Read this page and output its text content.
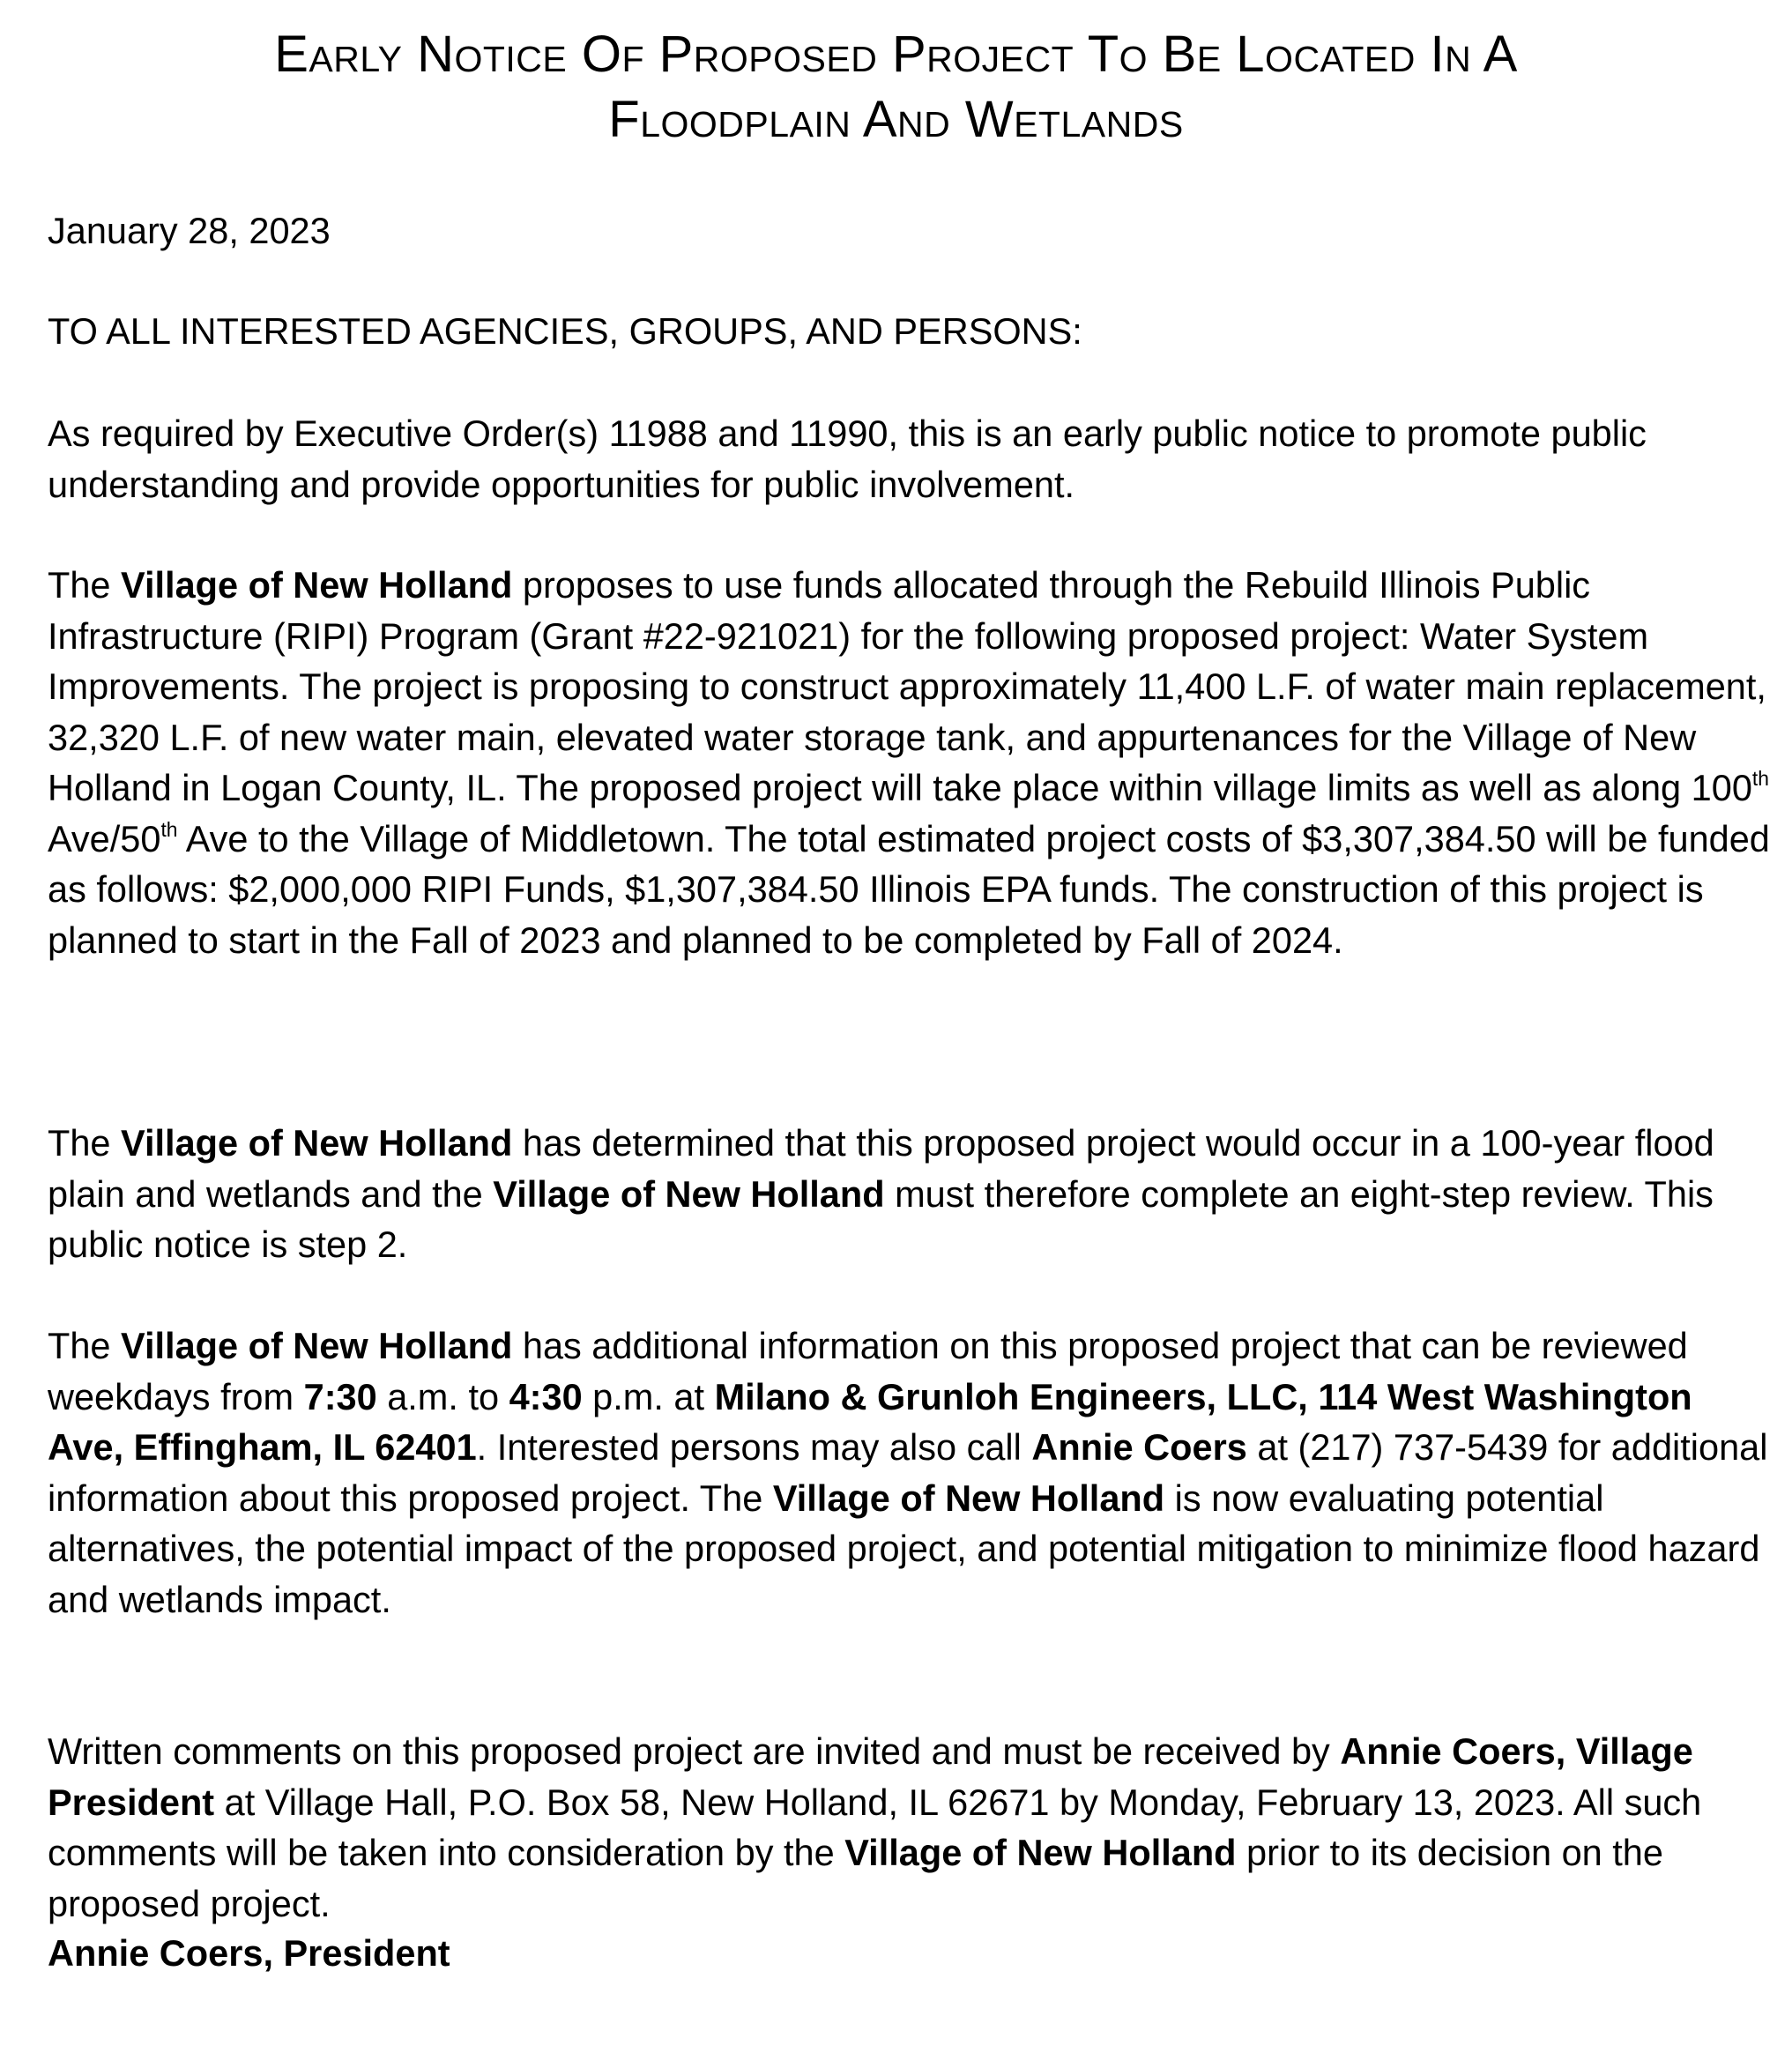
Early Notice Of Proposed Project To Be Located In A
Floodplain And Wetlands

January 28, 2023

TO ALL INTERESTED AGENCIES, GROUPS, AND PERSONS:

As required by Executive Order(s) 11988 and 11990, this is an early public notice to promote public understanding and provide opportunities for public involvement.

The Village of New Holland proposes to use funds allocated through the Rebuild Illinois Public Infrastructure (RIPI) Program (Grant #22-921021) for the following proposed project: Water System Improvements. The project is proposing to construct approximately 11,400 L.F. of water main replacement, 32,320 L.F. of new water main, elevated water storage tank, and appurtenances for the Village of New Holland in Logan County, IL. The proposed project will take place within village limits as well as along 100th Ave/50th Ave to the Village of Middletown. The total estimated project costs of $3,307,384.50 will be funded as follows: $2,000,000 RIPI Funds, $1,307,384.50 Illinois EPA funds. The construction of this project is planned to start in the Fall of 2023 and planned to be completed by Fall of 2024.

The Village of New Holland has determined that this proposed project would occur in a 100-year flood plain and wetlands and the Village of New Holland must therefore complete an eight-step review. This public notice is step 2.

The Village of New Holland has additional information on this proposed project that can be reviewed weekdays from 7:30 a.m. to 4:30 p.m. at Milano & Grunloh Engineers, LLC, 114 West Washington Ave, Effingham, IL 62401. Interested persons may also call Annie Coers at (217) 737-5439 for additional information about this proposed project. The Village of New Holland is now evaluating potential alternatives, the potential impact of the proposed project, and potential mitigation to minimize flood hazard and wetlands impact.

Written comments on this proposed project are invited and must be received by Annie Coers, Village President at Village Hall, P.O. Box 58, New Holland, IL 62671 by Monday, February 13, 2023. All such comments will be taken into consideration by the Village of New Holland prior to its decision on the proposed project.

Annie Coers, President
